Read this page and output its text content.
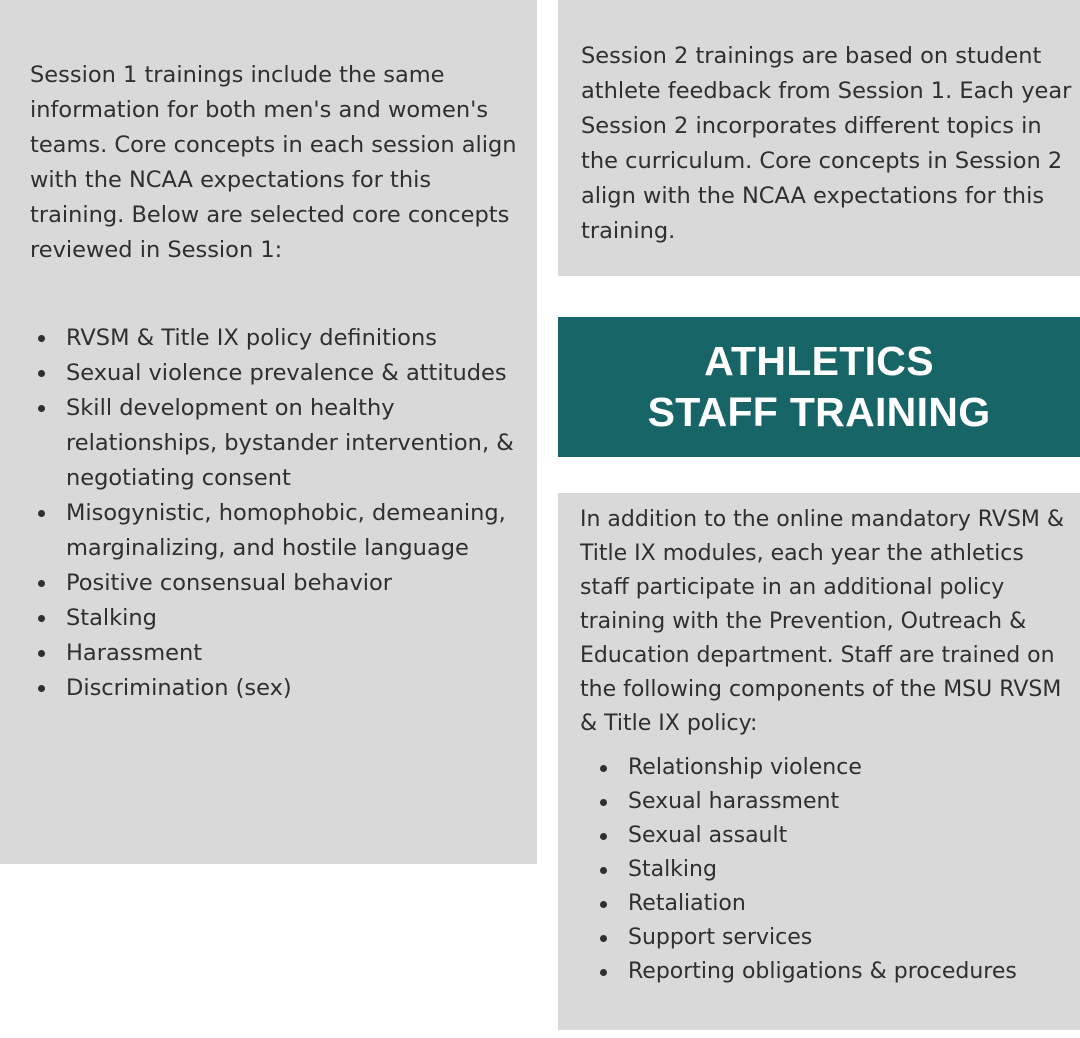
Session 1 trainings include the same information for both men's and women's teams. Core concepts in each session align with the NCAA expectations for this training. Below are selected core concepts reviewed in Session 1:

RVSM & Title IX policy definitions
Sexual violence prevalence & attitudes
Skill development on healthy relationships, bystander intervention, & negotiating consent
Misogynistic, homophobic, demeaning, marginalizing, and hostile language
Positive consensual behavior
Stalking
Harassment
Discrimination (sex)

Session 2 trainings are based on student athlete feedback from Session 1. Each year Session 2 incorporates different topics in the curriculum. Core concepts in Session 2 align with the NCAA expectations for this training.

ATHLETICS
STAFF TRAINING

In addition to the online mandatory RVSM & Title IX modules, each year the athletics staff participate in an additional policy training with the Prevention, Outreach & Education department. Staff are trained on the following components of the MSU RVSM & Title IX policy:

Relationship violence
Sexual harassment
Sexual assault
Stalking
Retaliation
Support services
Reporting obligations & procedures
